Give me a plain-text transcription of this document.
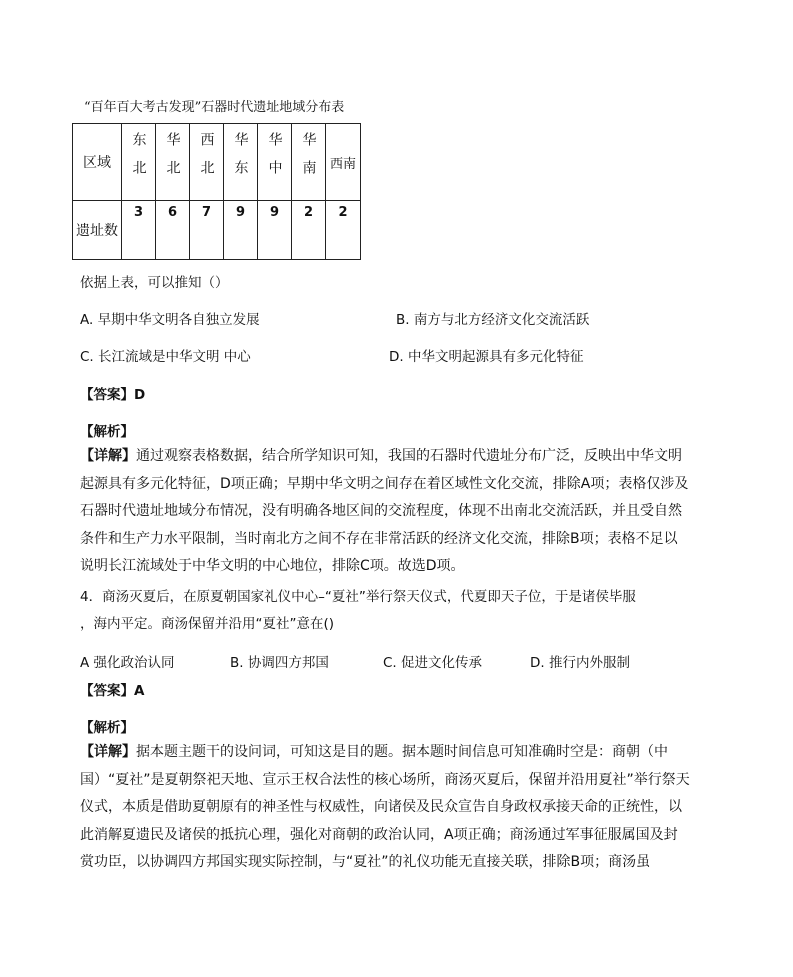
“百年百大考古发现”石器时代遗址地域分布表
区域	东北	华北	西北	华东	华中	华南	西南
遗址数	3	6	7	9	9	2	2
依据上表，可以推知（）
A. 早期中华文明各自独立发展	B. 南方与北方经济文化交流活跃
C. 长江流域是中华文明 中心	D. 中华文明起源具有多元化特征
【答案】D
【解析】
【详解】通过观察表格数据，结合所学知识可知，我国的石器时代遗址分布广泛，反映出中华文明起源具有多元化特征，D项正确；早期中华文明之间存在着区域性文化交流，排除A项；表格仅涉及石器时代遗址地域分布情况，没有明确各地区间的交流程度，体现不出南北交流活跃，并且受自然条件和生产力水平限制，当时南北方之间不存在非常活跃的经济文化交流，排除B项；表格不足以说明长江流域处于中华文明的中心地位，排除C项。故选D项。
4．商汤灭夏后，在原夏朝国家礼仪中心–“夏社”举行祭天仪式，代夏即天子位，于是诸侯毕服
，海内平定。商汤保留并沿用“夏社”意在()
A 强化政治认同	B. 协调四方邦国	C. 促进文化传承	D. 推行内外服制
【答案】A
【解析】
【详解】据本题主题干的设问词，可知这是目的题。据本题时间信息可知准确时空是：商朝（中国）“夏社”是夏朝祭祀天地、宣示王权合法性的核心场所，商汤灭夏后，保留并沿用夏社”举行祭天仪式，本质是借助夏朝原有的神圣性与权威性，向诸侯及民众宣告自身政权承接天命的正统性，以此消解夏遗民及诸侯的抵抗心理，强化对商朝的政治认同，A项正确；商汤通过军事征服属国及封赏功臣，以协调四方邦国实现实际控制，与“夏社”的礼仪功能无直接关联，排除B项；商汤虽
